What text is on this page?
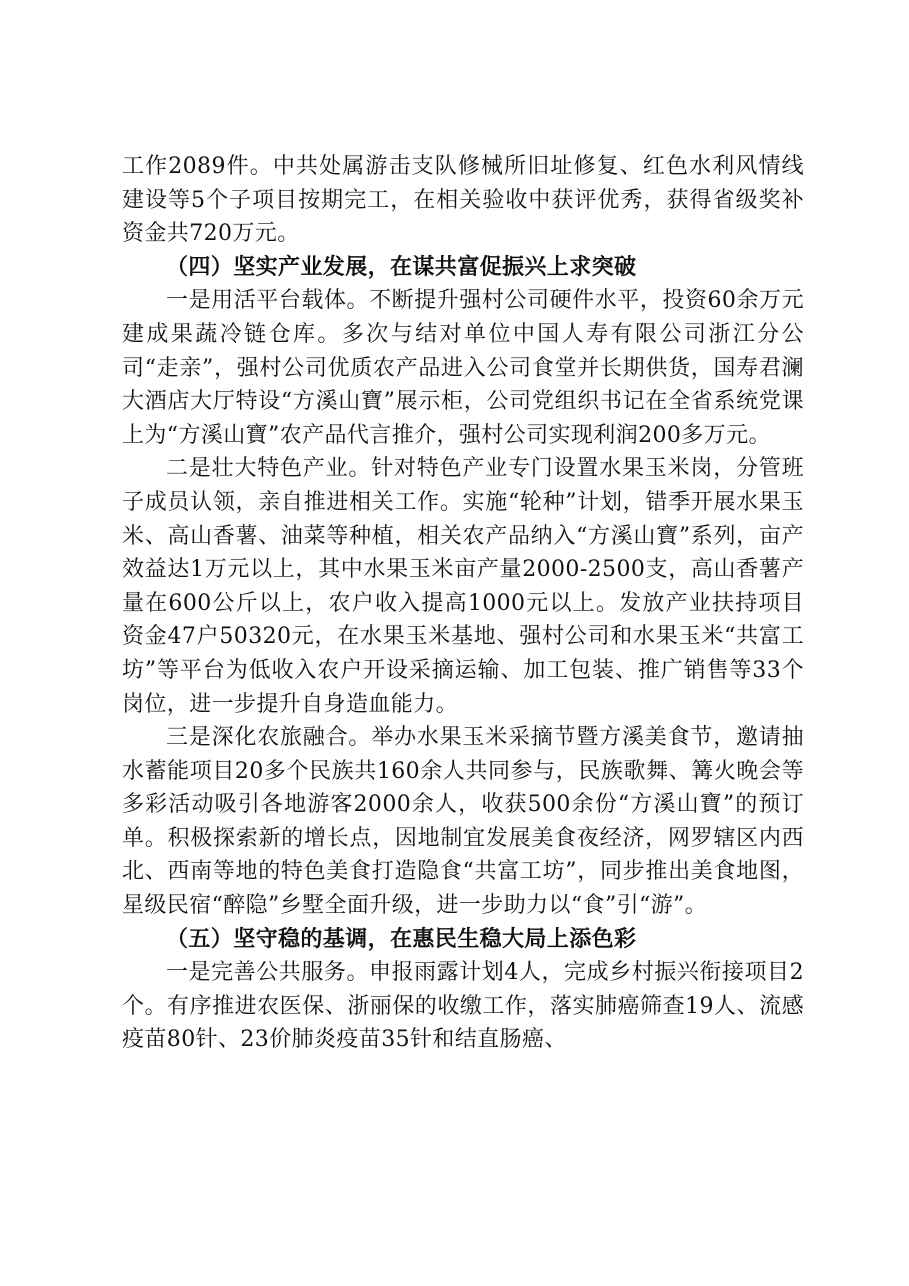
工作2089件。中共处属游击支队修械所旧址修复、红色水利风情线建设等5个子项目按期完工，在相关验收中获评优秀，获得省级奖补资金共720万元。

（四）坚实产业发展，在谋共富促振兴上求突破

一是用活平台载体。不断提升强村公司硬件水平，投资60余万元建成果蔬冷链仓库。多次与结对单位中国人寿有限公司浙江分公司“走亲”，强村公司优质农产品进入公司食堂并长期供货，国寿君澜大酒店大厅特设“方溪山寶”展示柜，公司党组织书记在全省系统党课上为“方溪山寶”农产品代言推介，强村公司实现利润200多万元。

二是壮大特色产业。针对特色产业专门设置水果玉米岗，分管班子成员认领，亲自推进相关工作。实施“轮种”计划，错季开展水果玉米、高山香薯、油菜等种植，相关农产品纳入“方溪山寶”系列，亩产效益达1万元以上，其中水果玉米亩产量2000-2500支，高山香薯产量在600公斤以上，农户收入提高1000元以上。发放产业扶持项目资金47户50320元，在水果玉米基地、强村公司和水果玉米“共富工坊”等平台为低收入农户开设采摘运输、加工包装、推广销售等33个岗位，进一步提升自身造血能力。

三是深化农旅融合。举办水果玉米采摘节暨方溪美食节，邀请抽水蓄能项目20多个民族共160余人共同参与，民族歌舞、篝火晚会等多彩活动吸引各地游客2000余人，收获500余份“方溪山寶”的预订单。积极探索新的增长点，因地制宜发展美食夜经济，网罗辖区内西北、西南等地的特色美食打造隐食“共富工坊”，同步推出美食地图，星级民宿“醉隐”乡墅全面升级，进一步助力以“食”引“游”。

（五）坚守稳的基调，在惠民生稳大局上添色彩

一是完善公共服务。申报雨露计划4人，完成乡村振兴衔接项目2个。有序推进农医保、浙丽保的收缴工作，落实肺癌筛查19人、流感疫苗80针、23价肺炎疫苗35针和结直肠癌、
